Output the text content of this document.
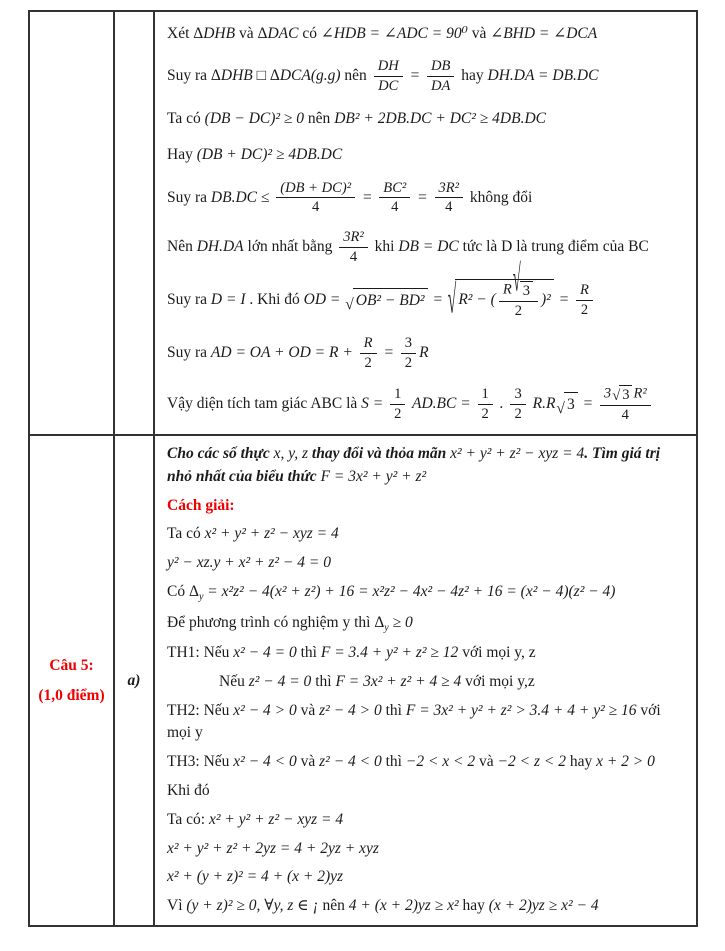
Xét ΔDHB và ΔDAC có ∠HDB = ∠ADC = 90⁰ và ∠BHD = ∠DCA
Suy ra ΔDHB □ ΔDCA(g.g) nên $\frac{DH}{DC} = \frac{DB}{DA}$ hay DH.DA = DB.DC
Ta có (DB − DC)² ≥ 0 nên DB² + 2DB.DC + DC² ≥ 4DB.DC
Hay (DB + DC)² ≥ 4DB.DC
Suy ra $DB.DC \le \frac{\text{(DB + DC)²}}{4} = \frac{\text{BC²}}{4} = \frac{\text{3R²}}{4}$ không đổi
Nên DH.DA lớn nhất bằng $\frac{\text{3R²}}{4}$ khi DB = DC tức là D là trung điểm của BC
Suy ra D = I . Khi đó OD = √ OB² − BD² = √ R² − ( $\frac{R √ 3}{2} )^2 = \frac{R}{2}$
Suy ra AD = OA + OD = $R + \frac{R}{2} = \frac{3}{2}$ R
Vậy diện tích tam giác ABC là $S = \frac{1}{2} AD.BC = \frac{1}{2}$ . $\frac{3}{2} R.R$ √ $3 = \frac{\text{3 √ 3 R²}}{4}$
Câu 5:
(1,0 điểm)
a)
Cho các số thực x, y, z thay đổi và thỏa mãn x² + y² + z² − xyz = 4. Tìm giá trị nhỏ nhất của biểu thức F = 3x² + y² + z²
Cách giải:
Ta có x² + y² + z² − xyz = 4
y² − xz.y + x² + z² − 4 = 0
Có $\Delta_y = x^2z^2 - 4(x^2 + z^2) + 16 = x^2z^2 - 4x^2 - 4z^2 + 16 = (x^2 - 4)(z^2 - 4)$
Để phương trình có nghiệm y thì $\Delta_y \ge 0$
TH1: Nếu x² − 4 = 0 thì F = 3.4 + y² + z² ≥ 12 với mọi y, z
Nếu z² − 4 = 0 thì F = 3x² + z² + 4 ≥ 4 với mọi y,z
TH2: Nếu x² − 4 > 0 và z² − 4 > 0 thì F = 3x² + y² + z² > 3.4 + 4 + y² ≥ 16 với mọi y
TH3: Nếu x² − 4 < 0 và z² − 4 < 0 thì −2 < x < 2 và −2 < z < 2 hay x + 2 > 0
Khi đó
Ta có: x² + y² + z² − xyz = 4
x² + y² + z² + 2yz = 4 + 2yz + xyz
x² + (y + z)² = 4 + (x + 2)yz
Vì (y + z)² ≥ 0, ∀y, z ∈ ¡ nên 4 + (x + 2)yz ≥ x² hay (x + 2)yz ≥ x² − 4
